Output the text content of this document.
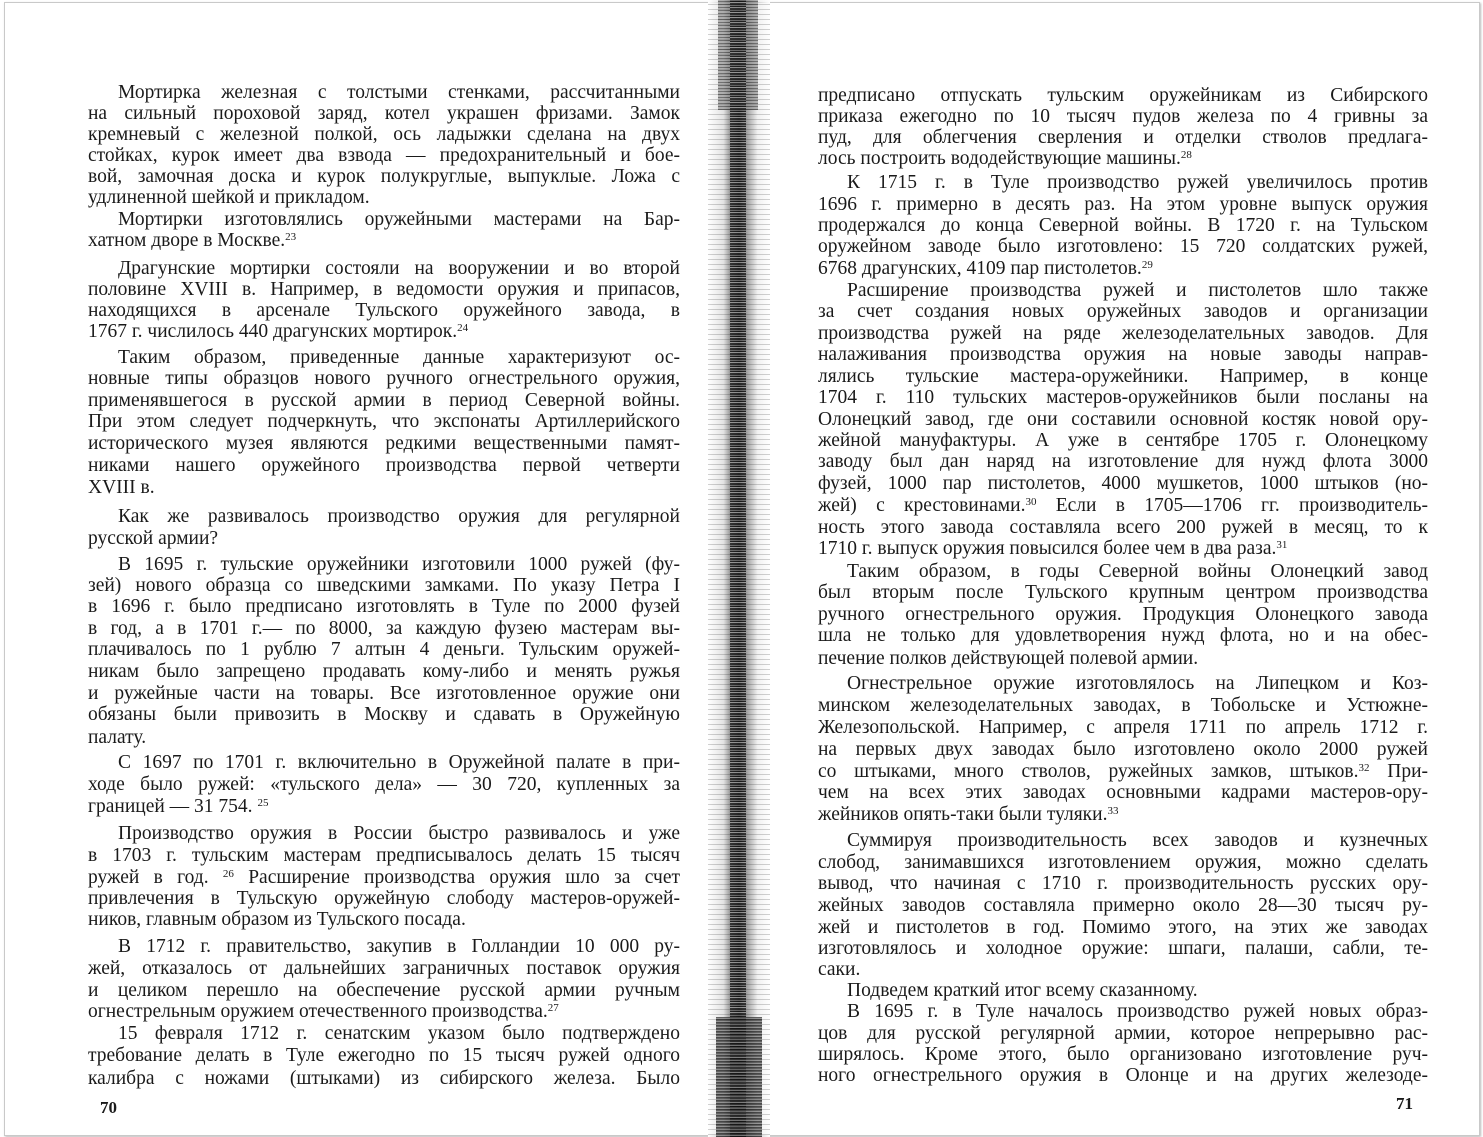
Мортирка железная с толстыми стенками, рассчитанными
на сильный пороховой заряд, котел украшен фризами. Замок
кремневый с железной полкой, ось ладыжки сделана на двух
стойках, курок имеет два взвода — предохранительный и бое-
вой, замочная доска и курок полукруглые, выпуклые. Ложа с
удлиненной шейкой и прикладом.
Мортирки изготовлялись оружейными мастерами на Бар-
хатном дворе в Москве.$^{23}$
Драгунские мортирки состояли на вооружении и во второй
половине XVIII в. Например, в ведомости оружия и припасов,
находящихся в арсенале Тульского оружейного завода, в
1767 г. числилось 440 драгунских мортирок.$^{24}$
Таким образом, приведенные данные характеризуют ос-
новные типы образцов нового ручного огнестрельного оружия,
применявшегося в русской армии в период Северной войны.
При этом следует подчеркнуть, что экспонаты Артиллерийского
исторического музея являются редкими вещественными памят-
никами нашего оружейного производства первой четверти
XVIII в.
Как же развивалось производство оружия для регулярной
русской армии?
В 1695 г. тульские оружейники изготовили 1000 ружей (фу-
зей) нового образца со шведскими замками. По указу Петра I
в 1696 г. было предписано изготовлять в Туле по 2000 фузей
в год, а в 1701 г.— по 8000, за каждую фузею мастерам вы-
плачивалось по 1 рублю 7 алтын 4 деньги. Тульским оружей-
никам было запрещено продавать кому-либо и менять ружья
и ружейные части на товары. Все изготовленное оружие они
обязаны были привозить в Москву и сдавать в Оружейную
палату.
С 1697 по 1701 г. включительно в Оружейной палате в при-
ходе было ружей: «тульского дела» — 30 720, купленных за
границей — 31 754. $^{25}$
Производство оружия в России быстро развивалось и уже
в 1703 г. тульским мастерам предписывалось делать 15 тысяч
ружей в год. $^{26}$ Расширение производства оружия шло за счет
привлечения в Тульскую оружейную слободу мастеров-оружей-
ников, главным образом из Тульского посада.
В 1712 г. правительство, закупив в Голландии 10 000 ру-
жей, отказалось от дальнейших заграничных поставок оружия
и целиком перешло на обеспечение русской армии ручным
огнестрельным оружием отечественного производства.$^{27}$
15 февраля 1712 г. сенатским указом было подтверждено
требование делать в Туле ежегодно по 15 тысяч ружей одного
калибра с ножами (штыками) из сибирского железа. Было
70
предписано отпускать тульским оружейникам из Сибирского
приказа ежегодно по 10 тысяч пудов железа по 4 гривны за
пуд, для облегчения сверления и отделки стволов предлага-
лось построить вододействующие машины.$^{28}$
К 1715 г. в Туле производство ружей увеличилось против
1696 г. примерно в десять раз. На этом уровне выпуск оружия
продержался до конца Северной войны. В 1720 г. на Тульском
оружейном заводе было изготовлено: 15 720 солдатских ружей,
6768 драгунских, 4109 пар пистолетов.$^{29}$
Расширение производства ружей и пистолетов шло также
за счет создания новых оружейных заводов и организации
производства ружей на ряде железоделательных заводов. Для
налаживания производства оружия на новые заводы направ-
лялись тульские мастера-оружейники. Например, в конце
1704 г. 110 тульских мастеров-оружейников были посланы на
Олонецкий завод, где они составили основной костяк новой ору-
жейной мануфактуры. А уже в сентябре 1705 г. Олонецкому
заводу был дан наряд на изготовление для нужд флота 3000
фузей, 1000 пар пистолетов, 4000 мушкетов, 1000 штыков (но-
жей) с крестовинами.$^{30}$ Если в 1705—1706 гг. производитель-
ность этого завода составляла всего 200 ружей в месяц, то к
1710 г. выпуск оружия повысился более чем в два раза.$^{31}$
Таким образом, в годы Северной войны Олонецкий завод
был вторым после Тульского крупным центром производства
ручного огнестрельного оружия. Продукция Олонецкого завода
шла не только для удовлетворения нужд флота, но и на обес-
печение полков действующей полевой армии.
Огнестрельное оружие изготовлялось на Липецком и Коз-
минском железоделательных заводах, в Тобольске и Устюжне-
Железопольской. Например, с апреля 1711 по апрель 1712 г.
на первых двух заводах было изготовлено около 2000 ружей
со штыками, много стволов, ружейных замков, штыков.$^{32}$ При-
чем на всех этих заводах основными кадрами мастеров-ору-
жейников опять-таки были туляки.$^{33}$
Суммируя производительность всех заводов и кузнечных
слобод, занимавшихся изготовлением оружия, можно сделать
вывод, что начиная с 1710 г. производительность русских ору-
жейных заводов составляла примерно около 28—30 тысяч ру-
жей и пистолетов в год. Помимо этого, на этих же заводах
изготовлялось и холодное оружие: шпаги, палаши, сабли, те-
саки.
Подведем краткий итог всему сказанному.
В 1695 г. в Туле началось производство ружей новых образ-
цов для русской регулярной армии, которое непрерывно рас-
ширялось. Кроме этого, было организовано изготовление руч-
ного огнестрельного оружия в Олонце и на других железоде-
71
